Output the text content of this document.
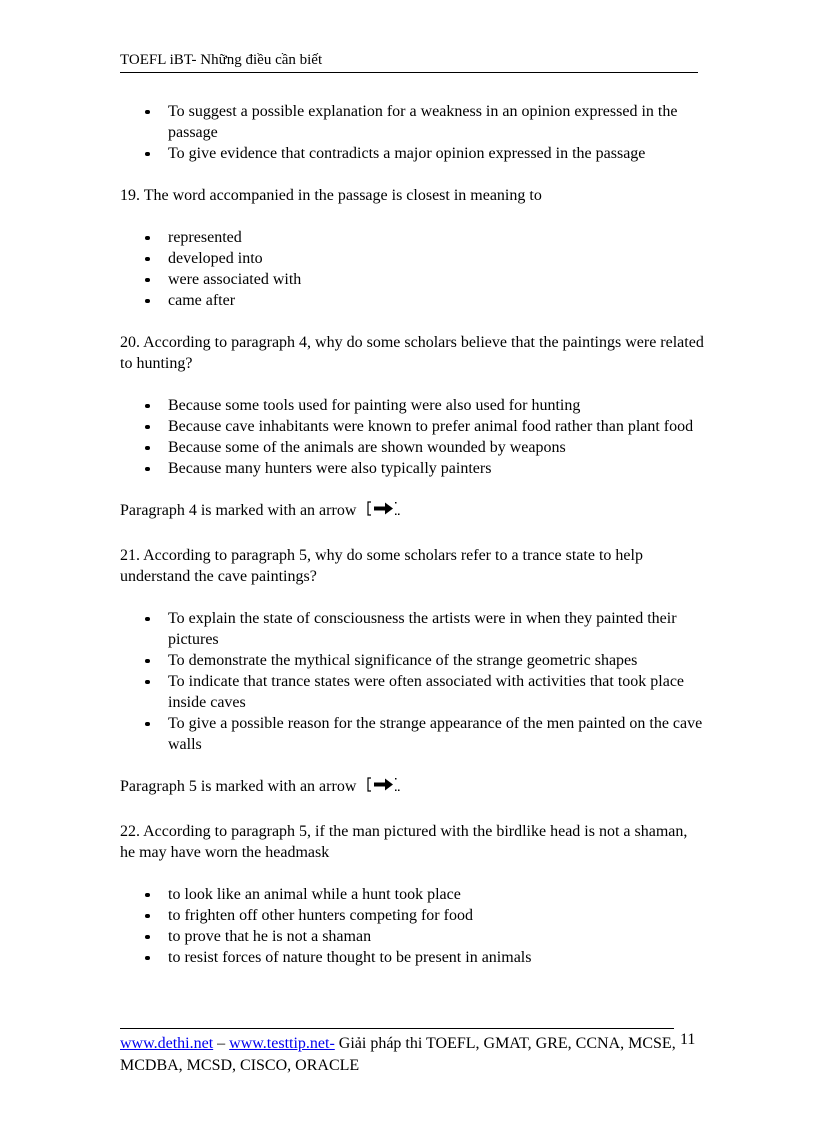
TOEFL iBT- Những điều cần biết
To suggest a possible explanation for a weakness in an opinion expressed in the passage
To give evidence that contradicts a major opinion expressed in the passage

19. The word accompanied in the passage is closest in meaning to

represented
developed into
were associated with
came after

20. According to paragraph 4, why do some scholars believe that the paintings were related to hunting?

Because some tools used for painting were also used for hunting
Because cave inhabitants were known to prefer animal food rather than plant food
Because some of the animals are shown wounded by weapons
Because many hunters were also typically painters

Paragraph 4 is marked with an arrow

21. According to paragraph 5, why do some scholars refer to a trance state to help understand the cave paintings?

To explain the state of consciousness the artists were in when they painted their pictures
To demonstrate the mythical significance of the strange geometric shapes
To indicate that trance states were often associated with activities that took place inside caves
To give a possible reason for the strange appearance of the men painted on the cave walls

Paragraph 5 is marked with an arrow

22. According to paragraph 5, if the man pictured with the birdlike head is not a shaman, he may have worn the headmask

to look like an animal while a hunt took place
to frighten off other hunters competing for food
to prove that he is not a shaman
to resist forces of nature thought to be present in animals
www.dethi.net – www.testtip.net- Giải pháp thi TOEFL, GMAT, GRE, CCNA, MCSE, MCDBA, MCSD, CISCO, ORACLE
11
